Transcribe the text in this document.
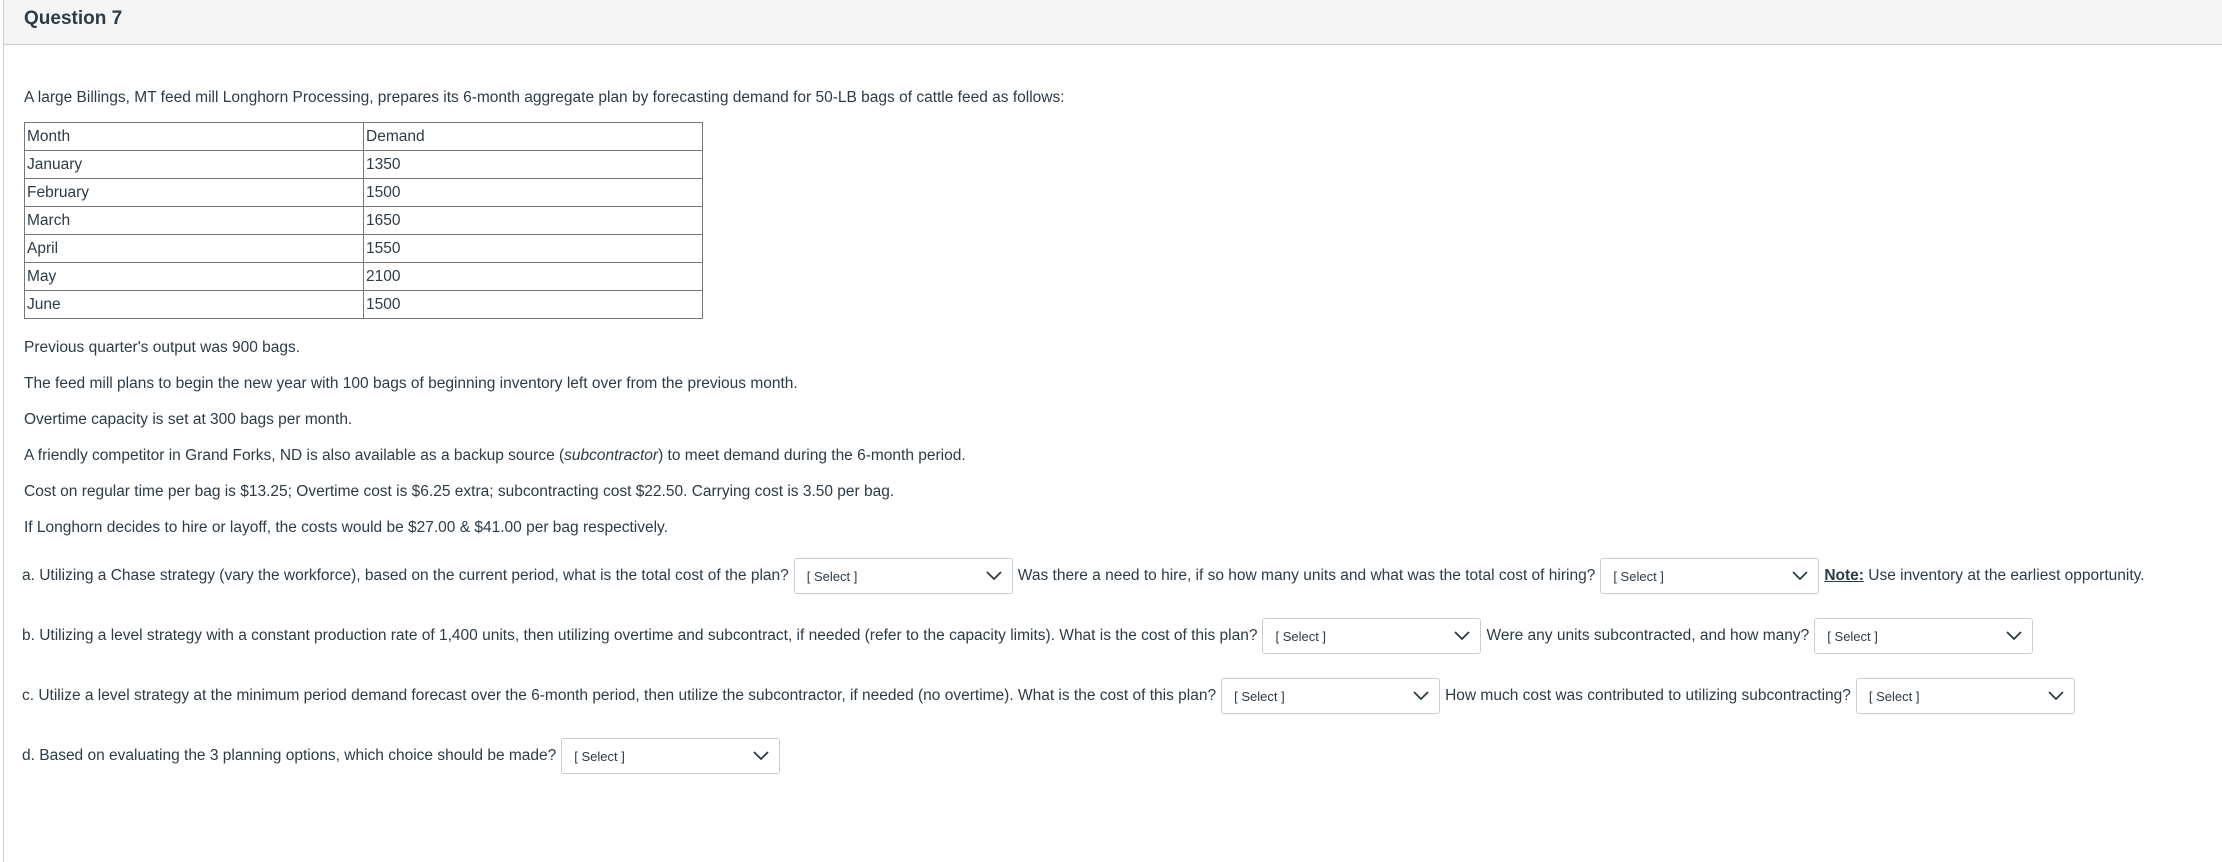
Question 7

A large Billings, MT feed mill Longhorn Processing, prepares its 6-month aggregate plan by forecasting demand for 50-LB bags of cattle feed as follows:

Month	Demand
January	1350
February	1500
March	1650
April	1550
May	2100
June	1500

Previous quarter's output was 900 bags.

The feed mill plans to begin the new year with 100 bags of beginning inventory left over from the previous month.

Overtime capacity is set at 300 bags per month.

A friendly competitor in Grand Forks, ND is also available as a backup source (subcontractor) to meet demand during the 6-month period.

Cost on regular time per bag is $13.25; Overtime cost is $6.25 extra; subcontracting cost $22.50. Carrying cost is 3.50 per bag.

If Longhorn decides to hire or layoff, the costs would be $27.00 & $41.00 per bag respectively.

a. Utilizing a Chase strategy (vary the workforce), based on the current period, what is the total cost of the plan? [ Select ]	Was there a need to hire, if so how many units and what was the total cost of hiring? [ Select ]	Note: Use inventory at the earliest opportunity.
b. Utilizing a level strategy with a constant production rate of 1,400 units, then utilizing overtime and subcontract, if needed (refer to the capacity limits). What is the cost of this plan? [ Select ]	Were any units subcontracted, and how many? [ Select ]
c. Utilize a level strategy at the minimum period demand forecast over the 6-month period, then utilize the subcontractor, if needed (no overtime). What is the cost of this plan? [ Select ]	How much cost was contributed to utilizing subcontracting? [ Select ]
d. Based on evaluating the 3 planning options, which choice should be made? [ Select ]
